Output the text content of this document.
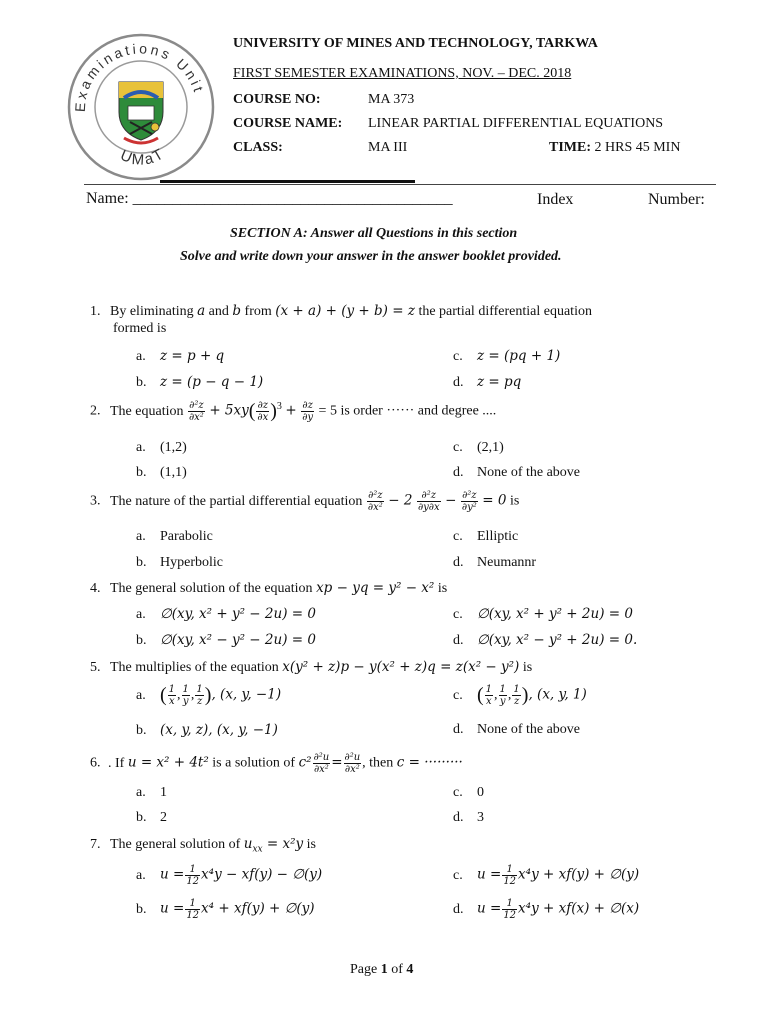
Examinations Unit
UMaT
UNIVERSITY OF MINES AND TECHNOLOGY, TARKWA
FIRST SEMESTER EXAMINATIONS, NOV. – DEC. 2018
COURSE NO:	MA 373
COURSE NAME: LINEAR PARTIAL DIFFERENTIAL EQUATIONS
CLASS:	MA III	TIME: 2 HRS 45 MIN
Name: ________________________________________	Index	Number:
SECTION A: Answer all Questions in this section
Solve and write down your answer in the answer booklet provided.
1. By eliminating a and b from (x + a) + (y + b) = z the partial differential equation
formed is
a. z = p + q
b. z = (p − q − 1)
c. z = (pq + 1)
d. z = pq
2. The equation $\frac{\text{∂²z}}{\text{∂x²}} + 5xy( \frac{\partial z}{\partial x} )^3 + \frac{\partial z}{\partial y} = 5$ is order ······ and degree ....
a. (1,2)
b. (1,1)
c. (2,1)
d. None of the above
3. The nature of the partial differential equation $\frac{\text{∂²z}}{\text{∂x²}} - 2 \frac{\text{∂²z}}{\partial y\partial x} - \frac{\text{∂²z}}{\text{∂y²}} = 0$ is
a. Parabolic
b. Hyperbolic
c. Elliptic
d. Neumannr
4. The general solution of the equation xp − yq = y² − x² is
a. ∅(xy, x² + y² − 2u) = 0
b. ∅(xy, x² − y² − 2u) = 0
c. ∅(xy, x² + y² + 2u) = 0
d. ∅(xy, x² − y² + 2u) = 0.
5. The multiplies of the equation x(y² + z)p − y(x² + z)q = z(x² − y²) is
a. ( $\frac{1}{x}$ , $\frac{1}{y}$ , $\frac{1}{z}$ ), (x, y, −1)
b. (x, y, z), (x, y, −1)
c. ( $\frac{1}{x}$ , $\frac{1}{y}$ , $\frac{1}{z}$ ), (x, y, 1)
d. None of the above
6. . If u = x² + 4t² is a solution of $c^2 \frac{\text{∂²u}}{\text{∂x²}} = \frac{\text{∂²u}}{\text{∂x²}}$ , then c = ·········
a. 1
b. 2
c. 0
d. 3
7. The general solution of $u_{xx} = x^2y$ is
a. $u = \frac{1}{12} x^4y - xf(y)$ − ∅(y)
b. $u = \frac{1}{12} x^4 + xf(y)$ + ∅(y)
c. $u = \frac{1}{12} x^4y + xf(y)$ + ∅(y)
d. $u = \frac{1}{12} x^4y + xf(x)$ + ∅(x)
Page 1 of 4
